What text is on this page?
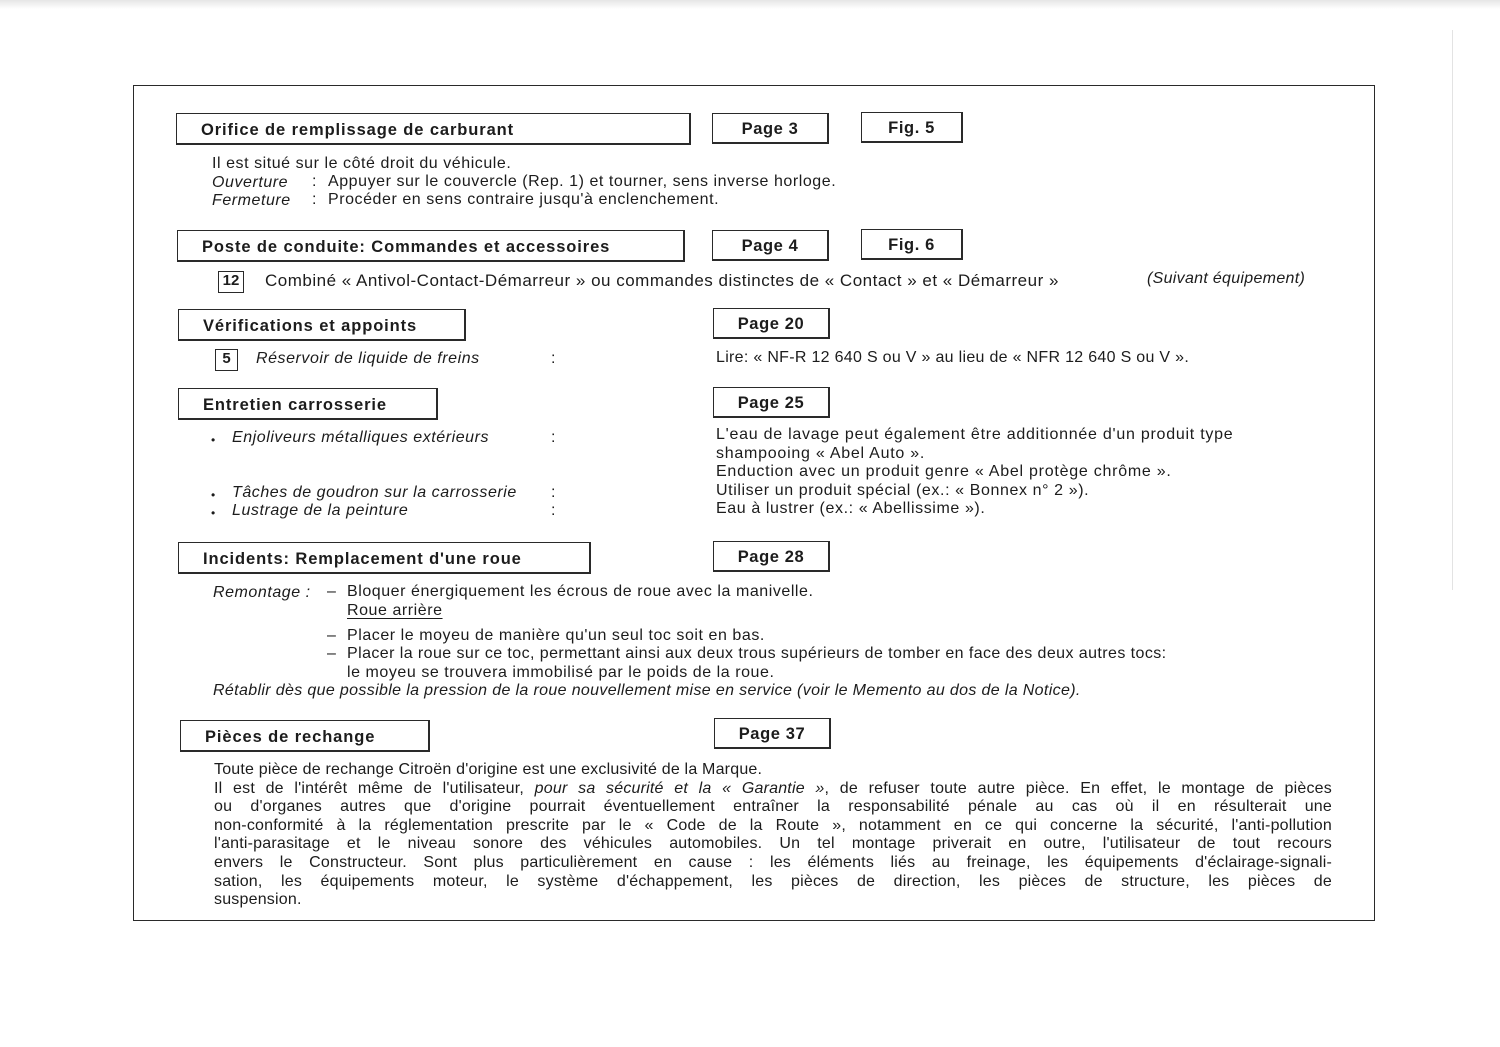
Orifice de remplissage de carburant	Page 3	Fig. 5
Il est situé sur le côté droit du véhicule.
Ouverture : Appuyer sur le couvercle (Rep. 1) et tourner, sens inverse horloge.
Fermeture : Procéder en sens contraire jusqu'à enclenchement.
Poste de conduite: Commandes et accessoires	Page 4	Fig. 6
12 Combiné « Antivol-Contact-Démarreur » ou commandes distinctes de « Contact » et « Démarreur »	(Suivant équipement)
Vérifications et appoints	Page 20
5	Réservoir de liquide de freins	:	Lire: « NF-R 12 640 S ou V » au lieu de « NFR 12 640 S ou V ».
Entretien carrosserie	Page 25
• Enjoliveurs métalliques extérieurs	:	L'eau de lavage peut également être additionnée d'un produit type
shampooing « Abel Auto ».
Enduction avec un produit genre « Abel protège chrôme ».
• Tâches de goudron sur la carrosserie :	Utiliser un produit spécial (ex.: « Bonnex n° 2 »).
• Lustrage de la peinture	:	Eau à lustrer (ex.: « Abellissime »).
Incidents: Remplacement d'une roue	Page 28
Remontage : – Bloquer énergiquement les écrous de roue avec la manivelle.
Roue arrière
– Placer le moyeu de manière qu'un seul toc soit en bas.
– Placer la roue sur ce toc, permettant ainsi aux deux trous supérieurs de tomber en face des deux autres tocs:
le moyeu se trouvera immobilisé par le poids de la roue.
Rétablir dès que possible la pression de la roue nouvellement mise en service (voir le Memento au dos de la Notice).
Pièces de rechange	Page 37
Toute pièce de rechange Citroën d'origine est une exclusivité de la Marque.
Il est de l'intérêt même de l'utilisateur, pour sa sécurité et la « Garantie », de refuser toute autre pièce. En effet, le montage de pièces
ou d'organes autres que d'origine pourrait éventuellement entraîner la responsabilité pénale au cas où il en résulterait une
non-conformité à la réglementation prescrite par le « Code de la Route », notamment en ce qui concerne la sécurité, l'anti-pollution
l'anti-parasitage et le niveau sonore des véhicules automobiles. Un tel montage priverait en outre, l'utilisateur de tout recours
envers le Constructeur. Sont plus particulièrement en cause : les éléments liés au freinage, les équipements d'éclairage-signali-
sation, les équipements moteur, le système d'échappement, les pièces de direction, les pièces de structure, les pièces de
suspension.
